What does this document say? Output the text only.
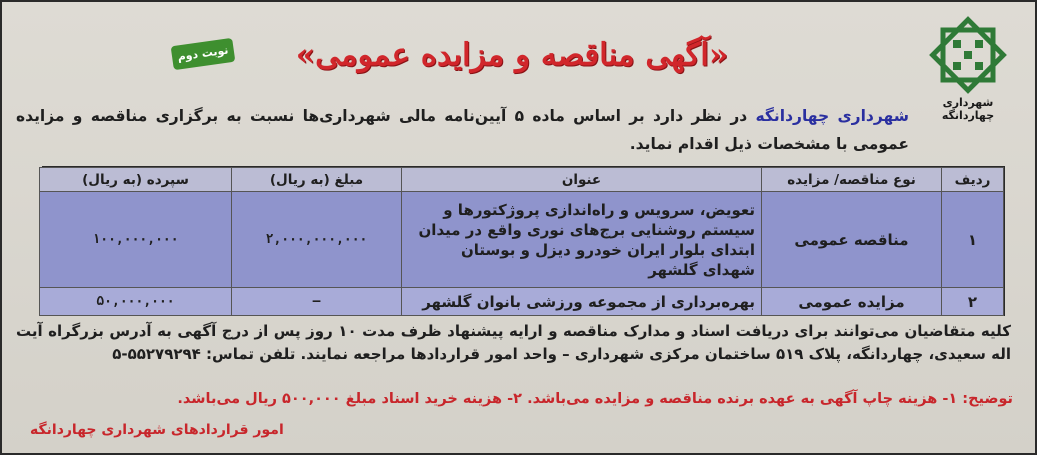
شهرداری چهاردانگه
«آگهی مناقصه و مزایده عمومی»
نوبت دوم
شهرداری چهاردانگه در نظر دارد بر اساس ماده ۵ آیین‌نامه مالی شهرداری‌ها نسبت به برگزاری مناقصه و مزایده عمومی با مشخصات ذیل اقدام نماید.
ردیف	نوع مناقصه/ مزایده	عنوان	مبلغ (به ریال)	سپرده (به ریال)
۱	مناقصه عمومی	تعویض، سرویس و راه‌اندازی پروژکتورها و سیستم روشنایی برج‌های نوری واقع در میدان ابتدای بلوار ایران خودرو دیزل و بوستان شهدای گلشهر	۲,۰۰۰,۰۰۰,۰۰۰	۱۰۰,۰۰۰,۰۰۰
۲	مزایده عمومی	بهره‌برداری از مجموعه ورزشی بانوان گلشهر	—	۵۰,۰۰۰,۰۰۰
کلیه متقاضیان می‌توانند برای دریافت اسناد و مدارک مناقصه و ارایه پیشنهاد ظرف مدت ۱۰ روز پس از درج آگهی به آدرس بزرگراه آیت اله سعیدی، چهاردانگه، پلاک ۵۱۹ ساختمان مرکزی شهرداری – واحد امور قراردادها مراجعه نمایند. تلفن تماس: ۵-۵۵۲۷۹۲۹۴
توضیح: ۱- هزینه چاپ آگهی به عهده برنده مناقصه و مزایده می‌باشد. ۲- هزینه خرید اسناد مبلغ ۵۰۰,۰۰۰ ریال می‌باشد.
امور قراردادهای شهرداری چهاردانگه
